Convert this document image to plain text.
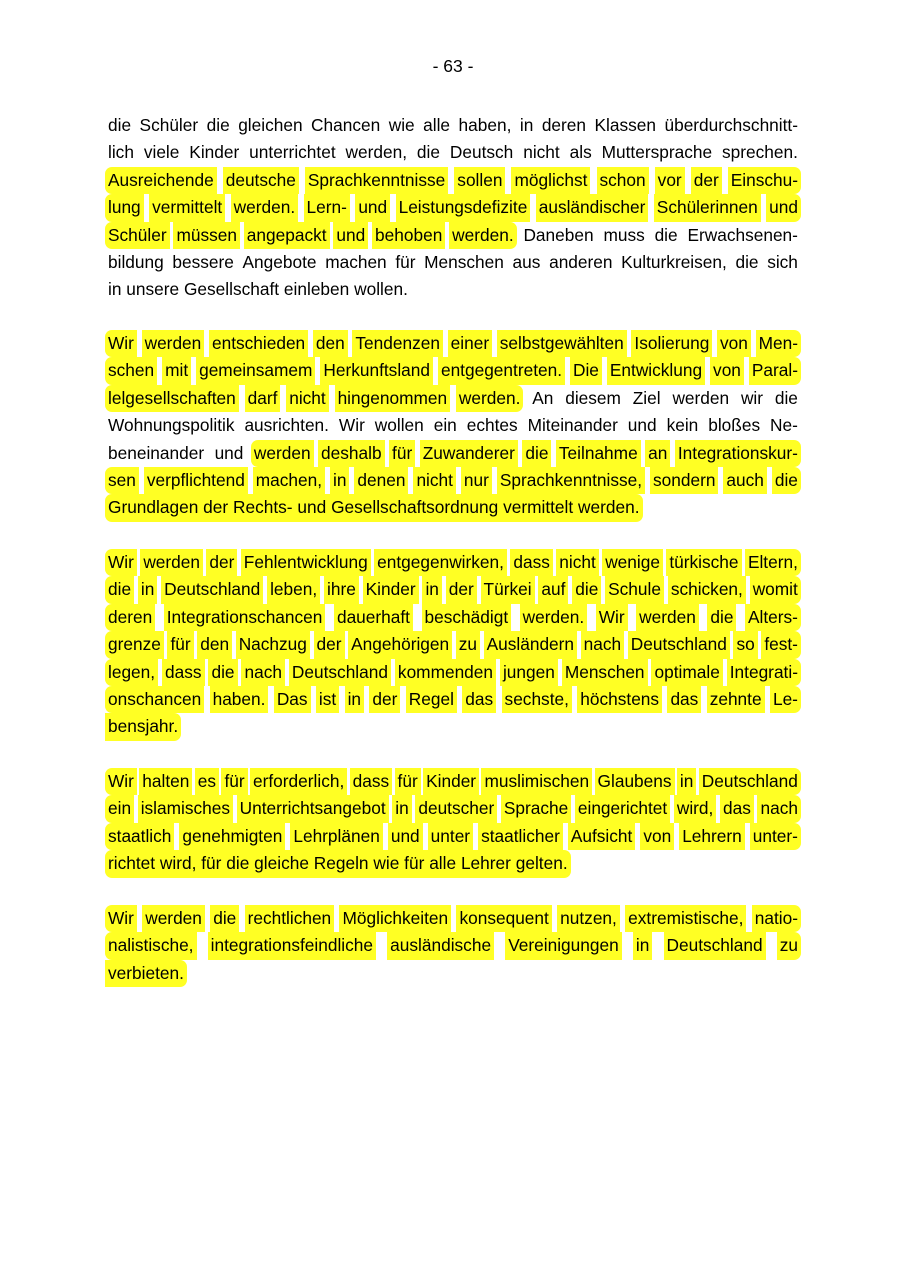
- 63 -
die Schüler die gleichen Chancen wie alle haben, in deren Klassen überdurchschnitt-
lich viele Kinder unterrichtet werden, die Deutsch nicht als Muttersprache sprechen.
Ausreichende deutsche Sprachkenntnisse sollen möglichst schon vor der Einschu-
lung vermittelt werden. Lern- und Leistungsdefizite ausländischer Schülerinnen und
Schüler müssen angepackt und behoben werden. Daneben muss die Erwachsenen-
bildung bessere Angebote machen für Menschen aus anderen Kulturkreisen, die sich
in unsere Gesellschaft einleben wollen.
Wir werden entschieden den Tendenzen einer selbstgewählten Isolierung von Men-
schen mit gemeinsamem Herkunftsland entgegentreten. Die Entwicklung von Paral-
lelgesellschaften darf nicht hingenommen werden. An diesem Ziel werden wir die
Wohnungspolitik ausrichten. Wir wollen ein echtes Miteinander und kein bloßes Ne-
beneinander und werden deshalb für Zuwanderer die Teilnahme an Integrationskur-
sen verpflichtend machen, in denen nicht nur Sprachkenntnisse, sondern auch die
Grundlagen der Rechts- und Gesellschaftsordnung vermittelt werden.
Wir werden der Fehlentwicklung entgegenwirken, dass nicht wenige türkische Eltern,
die in Deutschland leben, ihre Kinder in der Türkei auf die Schule schicken, womit
deren Integrationschancen dauerhaft beschädigt werden. Wir werden die Alters-
grenze für den Nachzug der Angehörigen zu Ausländern nach Deutschland so fest-
legen, dass die nach Deutschland kommenden jungen Menschen optimale Integrati-
onschancen haben. Das ist in der Regel das sechste, höchstens das zehnte Le-
bensjahr.
Wir halten es für erforderlich, dass für Kinder muslimischen Glaubens in Deutschland
ein islamisches Unterrichtsangebot in deutscher Sprache eingerichtet wird, das nach
staatlich genehmigten Lehrplänen und unter staatlicher Aufsicht von Lehrern unter-
richtet wird, für die gleiche Regeln wie für alle Lehrer gelten.
Wir werden die rechtlichen Möglichkeiten konsequent nutzen, extremistische, natio-
nalistische, integrationsfeindliche ausländische Vereinigungen in Deutschland zu
verbieten.
